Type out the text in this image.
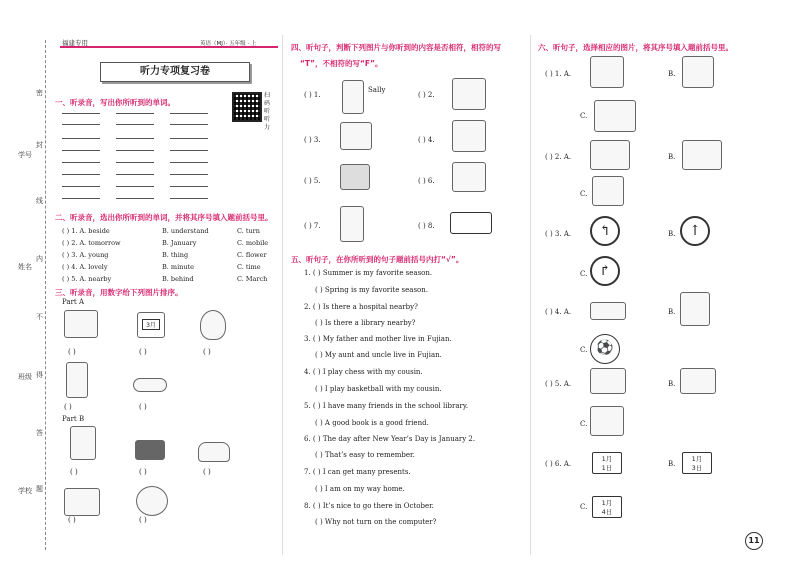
学号
姓名
班级
学校
密
封
线
内
不
得
答
题
福建专用	英语（MJ）· 五年级 · 上
听力专项复习卷
一、听录音，写出你所听到的单词。
扫码听听力
二、听录音，选出你所听到的单词，并将其序号填入题前括号里。
( ) 1. A. beside	B. understand	C. turn
( ) 2. A. tomorrow	B. January	C. mobile
( ) 3. A. young	B. thing	C. flower
( ) 4. A. lovely	B. minute	C. time
( ) 5. A. nearby	B. behind	C. March
三、听录音，用数字给下列图片排序。
Part A
3月
( )	( )	( )
( )	( )
Part B
( )	( )	( )
( )	( )
四、听句子，判断下列图片与你听到的内容是否相符，相符的写
“T”，不相符的写“F”。
( ) 1.
Sally
( ) 2.
( ) 3.	( ) 4.
( ) 5.	( ) 6.
( ) 7.	( ) 8.
五、听句子，在你所听到的句子题前括号内打“√”。
1. ( ) Summer is my favorite season.
( ) Spring is my favorite season.
2. ( ) Is there a hospital nearby?
( ) Is there a library nearby?
3. ( ) My father and mother live in Fujian.
( ) My aunt and uncle live in Fujian.
4. ( ) I play chess with my cousin.
( ) I play basketball with my cousin.
5. ( ) I have many friends in the school library.
( ) A good book is a good friend.
6. ( ) The day after New Year’s Day is January 2.
( ) That’s easy to remember.
7. ( ) I can get many presents.
( ) I am on my way home.
8. ( ) It’s nice to go there in October.
( ) Why not turn on the computer?
六、听句子，选择相应的图片，将其序号填入题前括号里。
( ) 1. A.	B.
C.
( ) 2. A.	B.
C.
( ) 3. A.	↰	B. ↑
C. ↱
( ) 4. A.	B.
C. ⚽
( ) 5. A.	B.
C.
( ) 6. A.
1月
1日	B.
1月
3日
C.	1月
4日
11
